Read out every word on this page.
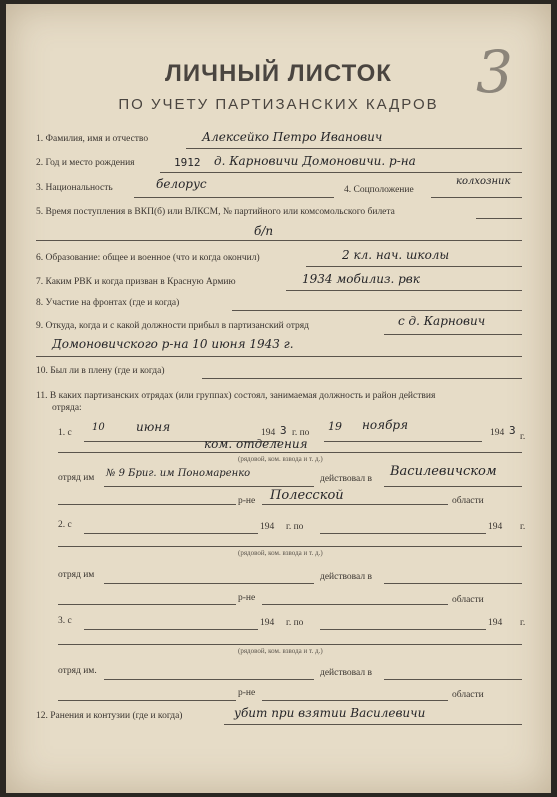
3
ЛИЧНЫЙ ЛИСТОК
ПО УЧЕТУ ПАРТИЗАНСКИХ КАДРОВ
1. Фамилия, имя и отчество	Алексейко Петро Иванович
2. Год и место рождения	1912 д. Карновичи Домоновичи. р-на
3. Национальность	белорус	4. Соцположение
колхозник
5. Время поступления в ВКП(б) или ВЛКСМ, № партийного или комсомольского билета
б/п
6. Образование: общее и военное (что и когда окончил)	2 кл. нач. школы
7. Каким РВК и когда призван в Красную Армию	1934 мобилиз. рвк
8. Участие на фронтах (где и когда)
9. Откуда, когда и с какой должности прибыл в партизанский отряд	с д. Карнович
Домоновичского р-на 10 июня 1943 г.
10. Был ли в плену (где и когда)
11. В каких партизанских отрядах (или группах) состоял, занимаемая должность и район действия
отряда:
1. с 10	июня	194 3 г. по 19 ноября
194 3 г.
ком. отделения
(рядовой, ком. взвода и т. д.)
отряд им № 9 Бриг. им Пономаренко	действовал в Василевичском
Полесской
р-не	области
2. с	194 г. по	194 г.
(рядовой, ком. взвода и т. д.)
отряд им	действовал в
р-не	области
3. с	194 г. по	194 г.
(рядовой, ком. взвода и т. д.)
отряд им.	действовал в
р-не	области
12. Ранения и контузии (где и когда)	убит при взятии Василевичи
